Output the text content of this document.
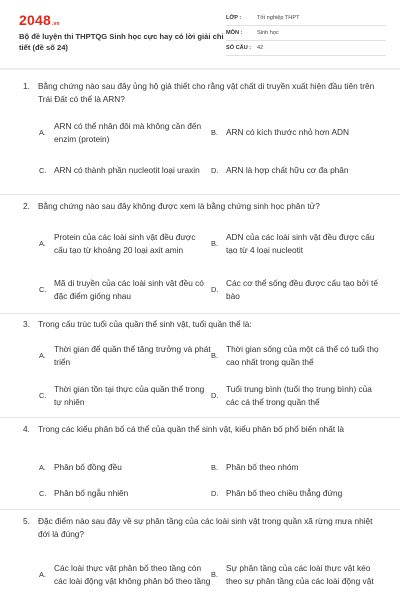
2048.vn
Bộ đề luyện thi THPTQG Sinh học cực hay có lời giải chi tiết (đề số 24)
LỚP :	Tốt nghiệp THPT
MÔN :	Sinh học
SỐ CÂU :	42
1. Bằng chứng nào sau đây ủng hộ giả thiết cho rằng vật chất di truyền xuất hiện đầu tiên trên Trái Đất có thể là ARN?
A.
ARN có thể nhân đôi mà không cần đến enzim (protein)
B. ARN có kích thước nhỏ hơn ADN
C. ARN có thành phần nucleotit loại uraxin	D. ARN là hợp chất hữu cơ đa phân
2. Bằng chứng nào sau đây không được xem là bằng chứng sinh học phân tử?
A.
Protein của các loài sinh vật đều được cấu tạo từ khoảng 20 loại axit amin
B.
ADN của các loài sinh vật đều được cấu tạo từ 4 loại nucleotit
C.
Mã di truyền của các loài sinh vật đều có đặc điểm giống nhau
D.
Các cơ thể sống đều được cấu tạo bởi tế bào
3. Trong cấu trúc tuổi của quần thể sinh vật, tuổi quần thể là:
A.
Thời gian để quần thể tăng trưởng và phát triển
B.
Thời gian sống của một cá thể có tuổi thọ cao nhất trong quần thể
C.
Thời gian tồn tại thực của quần thể trong tự nhiên
D.
Tuổi trung bình (tuổi thọ trung bình) của các cá thể trong quần thể
4. Trong các kiểu phân bố cá thể của quần thể sinh vật, kiểu phân bố phổ biến nhất là
A. Phân bố đồng đều	B. Phân bố theo nhóm
C. Phân bố ngẫu nhiên	D. Phân bố theo chiều thẳng đứng
5. Đặc điểm nào sau đây về sự phân tầng của các loài sinh vật trong quần xã rừng mưa nhiệt đới là đúng?
A.
Các loài thực vật phân bố theo tầng còn các loài động vật không phân bố theo tầng
B.
Sự phân tầng của các loài thực vật kéo theo sự phân tầng của các loài động vật
